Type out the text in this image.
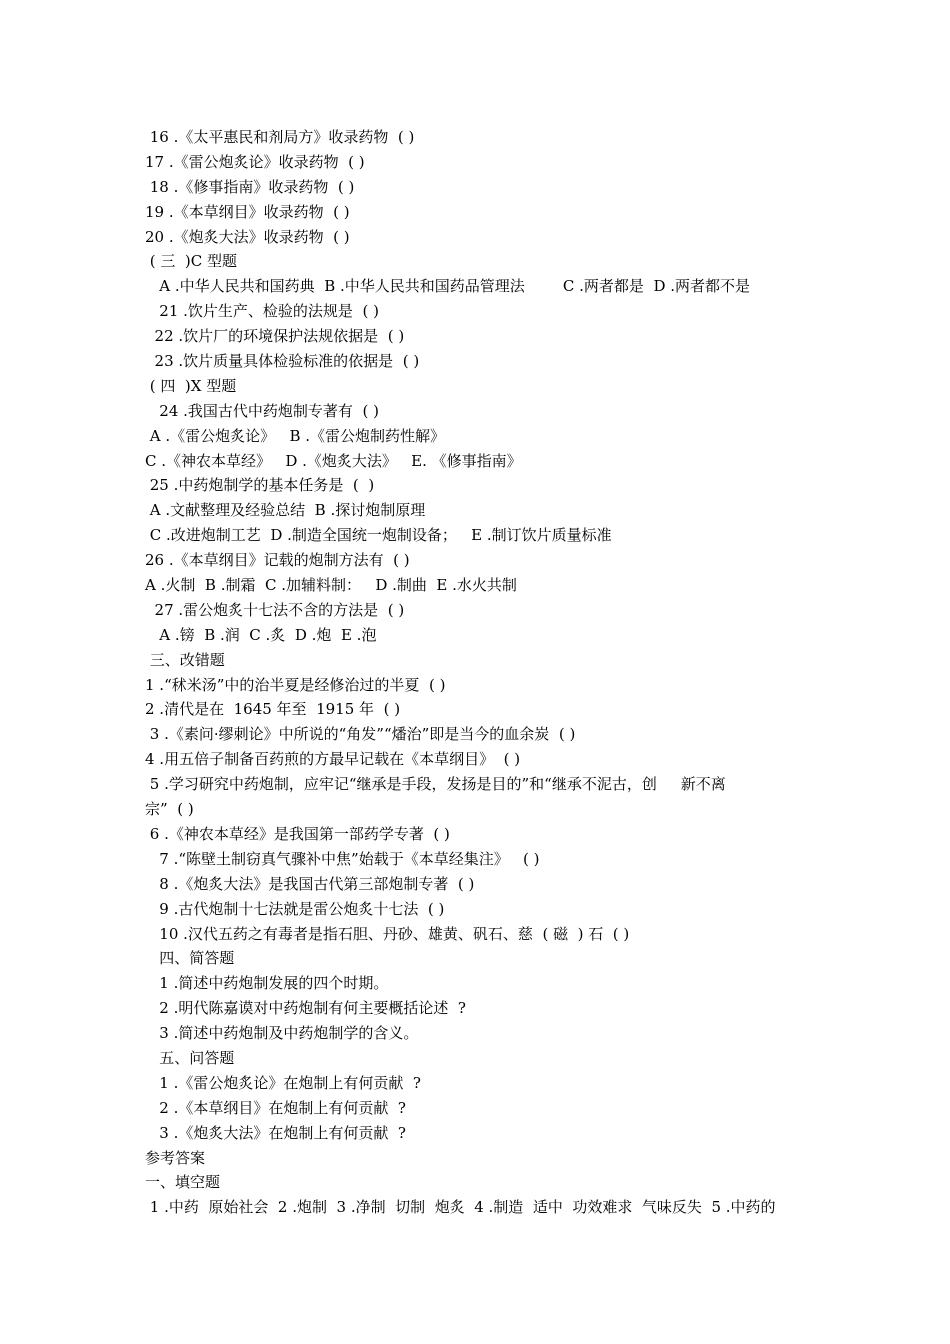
16 .《太平惠民和剂局方》收录药物  ( )
17 .《雷公炮炙论》收录药物  ( )
18 .《修事指南》收录药物  ( )
19 .《本草纲目》收录药物  ( )
20 .《炮炙大法》收录药物  ( )
( 三  )C 型题
A .中华人民共和国药典  B .中华人民共和国药品管理法        C .两者都是  D .两者都不是
21 .饮片生产、检验的法规是  ( )
22 .饮片厂的环境保护法规依据是  ( )
23 .饮片质量具体检验标准的依据是  ( )
( 四  )X 型题
24 .我国古代中药炮制专著有  ( )
A .《雷公炮炙论》   B .《雷公炮制药性解》
C .《神农本草经》   D .《炮炙大法》   E. 《修事指南》
25 .中药炮制学的基本任务是  (  )
A .文献整理及经验总结  B .探讨炮制原理
C .改进炮制工艺  D .制造全国统一炮制设备；   E .制订饮片质量标准
26 .《本草纲目》记载的炮制方法有  ( )
A .火制  B .制霜  C .加辅料制：   D .制曲  E .水火共制
27 .雷公炮炙十七法不含的方法是  ( )
A .镑  B .润  C .炙  D .炮  E .泡
三、改错题
1 .“秫米汤”中的治半夏是经修治过的半夏  ( )
2 .清代是在  1645 年至  1915 年  ( )
3 .《素问·缪刺论》中所说的“角发”“燔治”即是当今的血余炭  ( )
4 .用五倍子制备百药煎的方最早记载在《本草纲目》  ( )
5 .学习研究中药炮制，应牢记“继承是手段，发扬是目的”和“继承不泥古，创     新不离
宗”  ( )
6 .《神农本草经》是我国第一部药学专著  ( )
7 .“陈壁土制窃真气骤补中焦”始载于《本草经集注》   ( )
8 .《炮炙大法》是我国古代第三部炮制专著  ( )
9 .古代炮制十七法就是雷公炮炙十七法  ( )
10 .汉代五药之有毒者是指石胆、丹砂、雄黄、矾石、慈  ( 磁  ) 石  ( )
四、简答题
1 .简述中药炮制发展的四个时期。
2 .明代陈嘉谟对中药炮制有何主要概括论述  ?
3 .简述中药炮制及中药炮制学的含义。
五、问答题
1 .《雷公炮炙论》在炮制上有何贡献  ?
2 .《本草纲目》在炮制上有何贡献  ?
3 .《炮炙大法》在炮制上有何贡献  ?
参考答案
一、填空题
1 .中药  原始社会  2 .炮制  3 .净制  切制  炮炙  4 .制造  适中  功效难求  气味反失  5 .中药的
